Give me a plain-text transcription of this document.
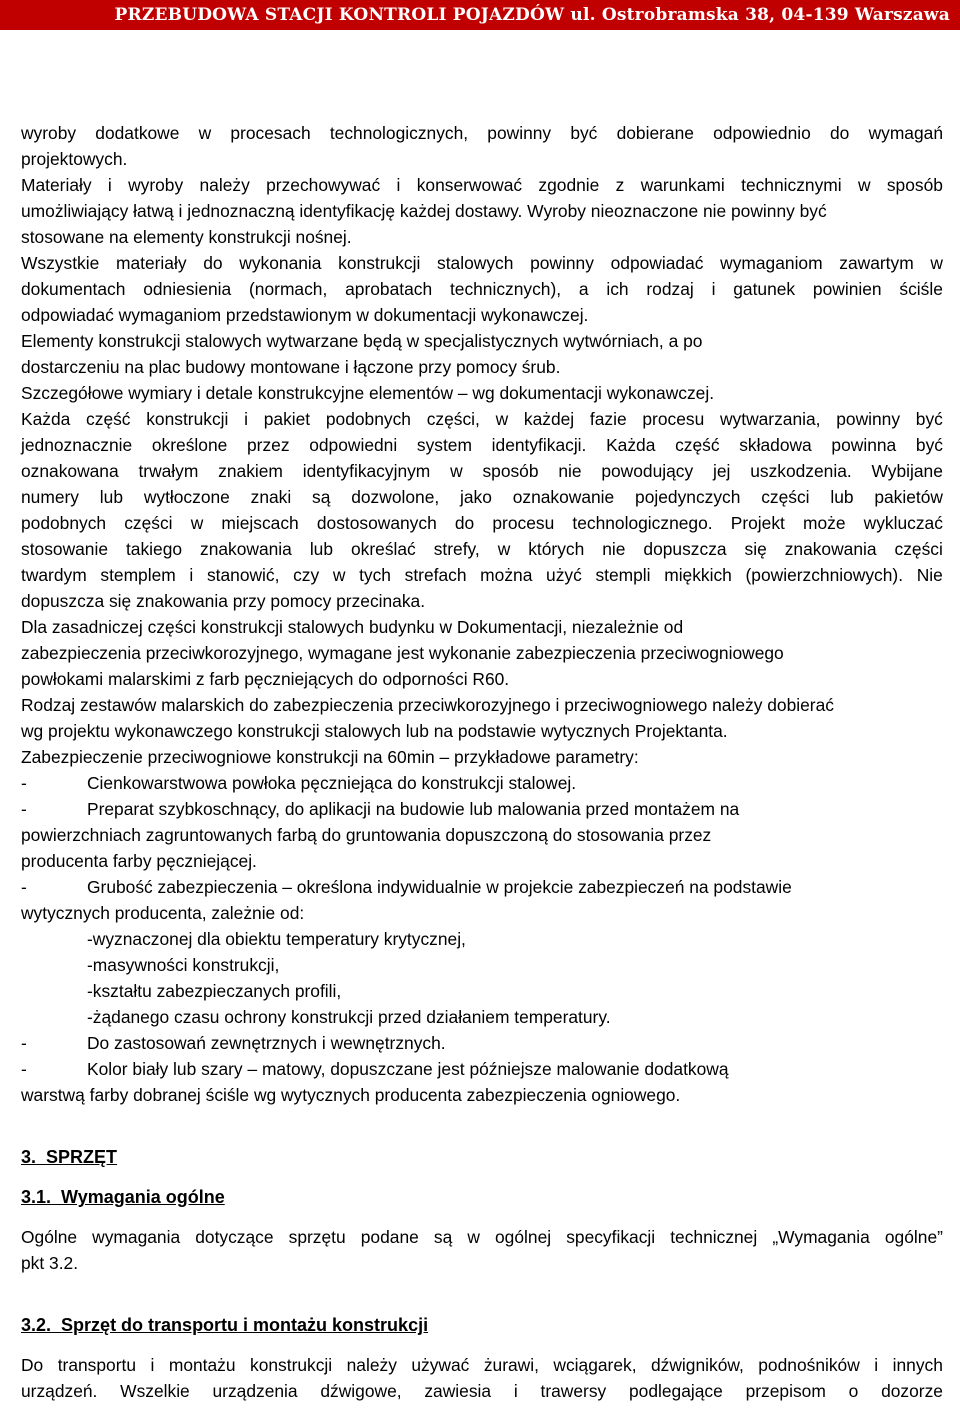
PRZEBUDOWA STACJI KONTROLI POJAZDÓW ul. Ostrobramska 38, 04-139 Warszawa
wyroby dodatkowe w procesach technologicznych, powinny być dobierane odpowiednio do wymagań
projektowych.
Materiały i wyroby należy przechowywać i konserwować zgodnie z warunkami technicznymi w sposób
umożliwiający łatwą i jednoznaczną identyfikację każdej dostawy. Wyroby nieoznaczone nie powinny być
stosowane na elementy konstrukcji nośnej.
Wszystkie materiały do wykonania konstrukcji stalowych powinny odpowiadać wymaganiom zawartym w
dokumentach odniesienia (normach, aprobatach technicznych), a ich rodzaj i gatunek powinien ściśle
odpowiadać wymaganiom przedstawionym w dokumentacji wykonawczej.
Elementy konstrukcji stalowych wytwarzane będą w specjalistycznych wytwórniach, a po
dostarczeniu na plac budowy montowane i łączone przy pomocy śrub.
Szczegółowe wymiary i detale konstrukcyjne elementów – wg dokumentacji wykonawczej.
Każda część konstrukcji i pakiet podobnych części, w każdej fazie procesu wytwarzania, powinny być
jednoznacznie określone przez odpowiedni system identyfikacji. Każda część składowa powinna być
oznakowana trwałym znakiem identyfikacyjnym w sposób nie powodujący jej uszkodzenia. Wybijane
numery lub wytłoczone znaki są dozwolone, jako oznakowanie pojedynczych części lub pakietów
podobnych części w miejscach dostosowanych do procesu technologicznego. Projekt może wykluczać
stosowanie takiego znakowania lub określać strefy, w których nie dopuszcza się znakowania części
twardym stemplem i stanowić, czy w tych strefach można użyć stempli miękkich (powierzchniowych). Nie
dopuszcza się znakowania przy pomocy przecinaka.
Dla zasadniczej części konstrukcji stalowych budynku w Dokumentacji, niezależnie od
zabezpieczenia przeciwkorozyjnego, wymagane jest wykonanie zabezpieczenia przeciwogniowego
powłokami malarskimi z farb pęczniejących do odporności R60.
Rodzaj zestawów malarskich do zabezpieczenia przeciwkorozyjnego i przeciwogniowego należy dobierać
wg projektu wykonawczego konstrukcji stalowych lub na podstawie wytycznych Projektanta.
Zabezpieczenie przeciwogniowe konstrukcji na 60min – przykładowe parametry:
-	Cienkowarstwowa powłoka pęczniejąca do konstrukcji stalowej.
-	Preparat szybkoschnący, do aplikacji na budowie lub malowania przed montażem na
powierzchniach zagruntowanych farbą do gruntowania dopuszczoną do stosowania przez
producenta farby pęczniejącej.
-	Grubość zabezpieczenia – określona indywidualnie w projekcie zabezpieczeń na podstawie
wytycznych producenta, zależnie od:
-wyznaczonej dla obiektu temperatury krytycznej,
-masywności konstrukcji,
-kształtu zabezpieczanych profili,
-żądanego czasu ochrony konstrukcji przed działaniem temperatury.
-	Do zastosowań zewnętrznych i wewnętrznych.
-	Kolor biały lub szary – matowy, dopuszczane jest późniejsze malowanie dodatkową
warstwą farby dobranej ściśle wg wytycznych producenta zabezpieczenia ogniowego.
3. SPRZĘT
3.1. Wymagania ogólne
Ogólne wymagania dotyczące sprzętu podane są w ogólnej specyfikacji technicznej „Wymagania ogólne”
pkt 3.2.
3.2. Sprzęt do transportu i montażu konstrukcji
Do transportu i montażu konstrukcji należy używać żurawi, wciągarek, dźwigników, podnośników i innych
urządzeń. Wszelkie urządzenia dźwigowe, zawiesia i trawersy podlegające przepisom o dozorze
